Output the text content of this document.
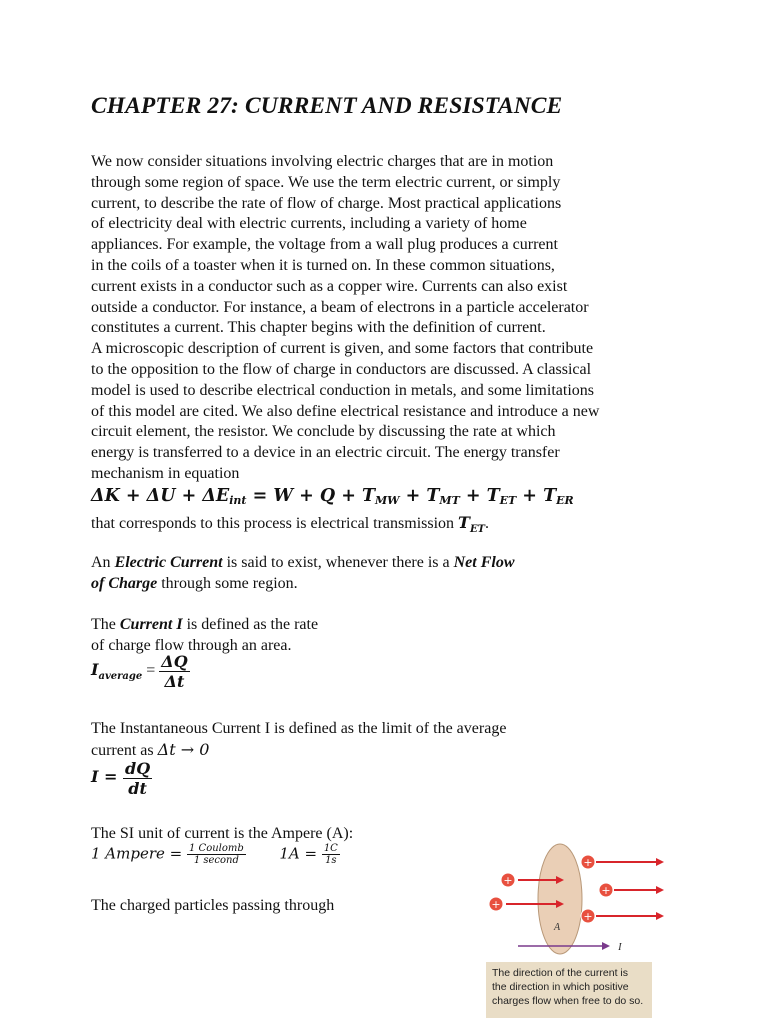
CHAPTER 27: CURRENT AND RESISTANCE
We now consider situations involving electric charges that are in motion
through some region of space. We use the term electric current, or simply
current, to describe the rate of flow of charge. Most practical applications
of electricity deal with electric currents, including a variety of home
appliances. For example, the voltage from a wall plug produces a current
in the coils of a toaster when it is turned on. In these common situations,
current exists in a conductor such as a copper wire. Currents can also exist
outside a conductor. For instance, a beam of electrons in a particle accelerator
constitutes a current. This chapter begins with the definition of current.
A microscopic description of current is given, and some factors that contribute
to the opposition to the flow of charge in conductors are discussed. A classical
model is used to describe electrical conduction in metals, and some limitations
of this model are cited. We also define electrical resistance and introduce a new
circuit element, the resistor. We conclude by discussing the rate at which
energy is transferred to a device in an electric circuit. The energy transfer
mechanism in equation
$\Delta K + \Delta U + \Delta E_{int} = W + Q + T_{MW} + T_{MT} + T_{ET} + T_{ER}$
that corresponds to this process is electrical transmission $T_{ET}$.
An Electric Current is said to exist, whenever there is a Net Flow
of Charge through some region.
The Current I is defined as the rate
of charge flow through an area.
$I_{average} = \frac{\Delta Q}{\Delta t}$
The Instantaneous Current I is defined as the limit of the average
current as Δt → 0
$I = \frac{dQ}{dt}$
The SI unit of current is the Ampere (A):
1 Ampere = $\frac{\text{1 Coulomb}}{\text{1 second}} 1A = \frac{1C}{1s}$
The charged particles passing through
A
+
+
+
+
+
I
The direction of the current is
the direction in which positive
charges flow when free to do so.
